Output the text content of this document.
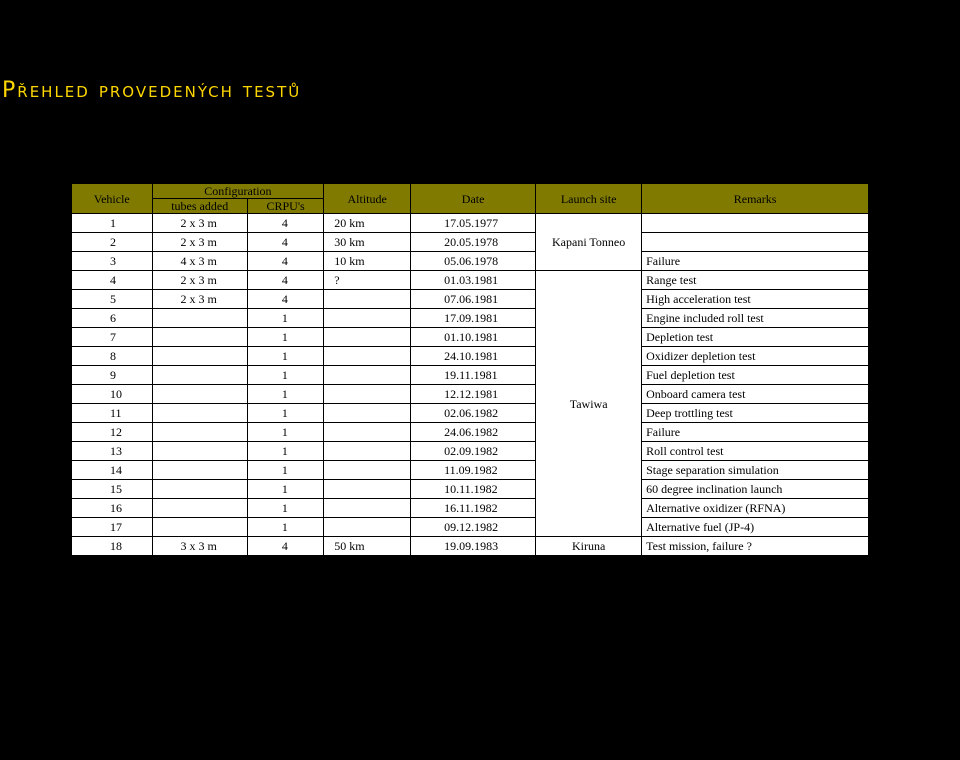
Přehled provedených testů
Vehicle	Configuration		Altitude	Date	Launch site	Remarks
	tubes added	CRPU's				
1	2 x 3 m	4	20 km	17.05.1977	Kapani Tonneo	
2	2 x 3 m	4	30 km	20.05.1978		
3	4 x 3 m	4	10 km	05.06.1978		Failure
4	2 x 3 m	4	?	01.03.1981	Tawiwa	Range test
5	2 x 3 m	4		07.06.1981		High acceleration test
6		1		17.09.1981		Engine included roll test
7		1		01.10.1981		Depletion test
8		1		24.10.1981		Oxidizer depletion test
9		1		19.11.1981		Fuel depletion test
10		1		12.12.1981		Onboard camera test
11		1		02.06.1982		Deep trottling test
12		1		24.06.1982		Failure
13		1		02.09.1982		Roll control test
14		1		11.09.1982		Stage separation simulation
15		1		10.11.1982		60 degree inclination launch
16		1		16.11.1982		Alternative oxidizer (RFNA)
17		1		09.12.1982		Alternative fuel (JP-4)
18	3 x 3 m	4	50 km	19.09.1983	Kiruna	Test mission, failure ?
